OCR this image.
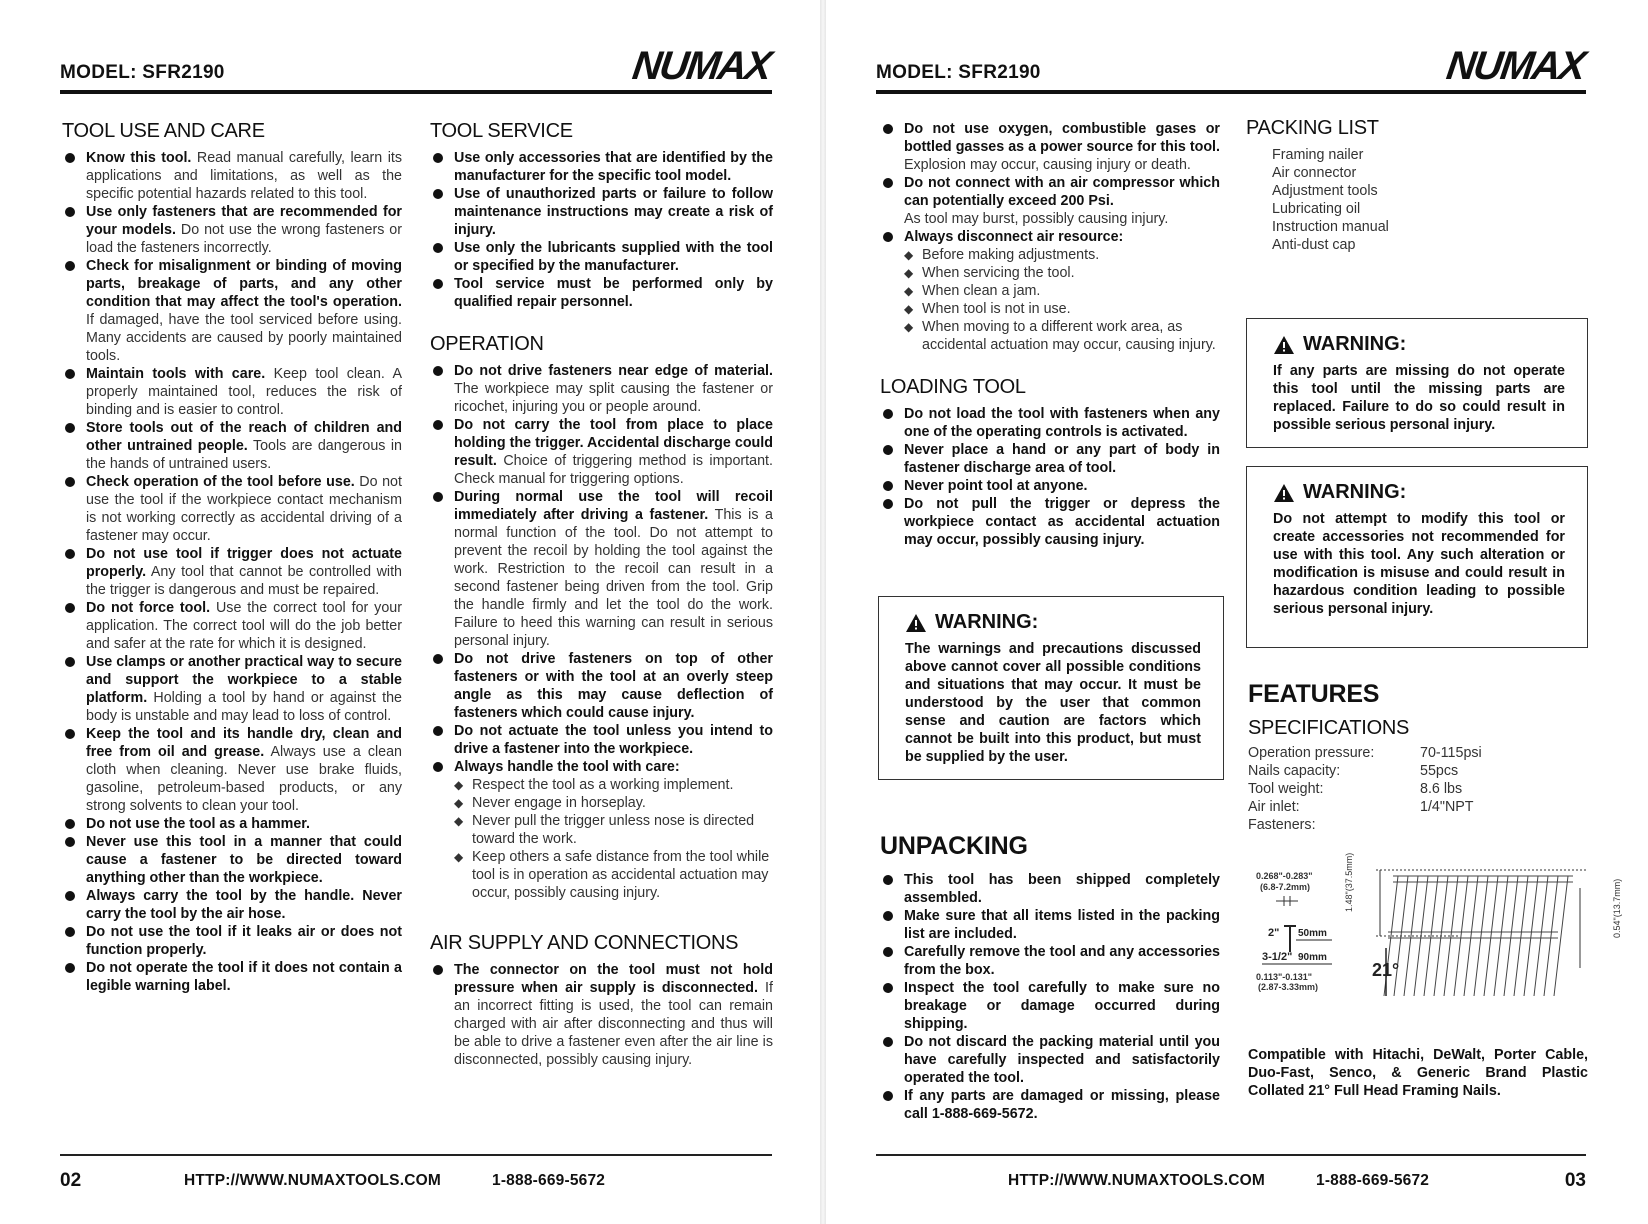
MODEL: SFR2190	NUMAX
TOOL USE AND CARE
Know this tool. Read manual carefully, learn its applications and limitations, as well as the specific potential hazards related to this tool.
Use only fasteners that are recommended for your models. Do not use the wrong fasteners or load the fasteners incorrectly.
Check for misalignment or binding of moving parts, breakage of parts, and any other condition that may affect the tool's operation. If damaged, have the tool serviced before using. Many accidents are caused by poorly maintained tools.
Maintain tools with care. Keep tool clean. A properly maintained tool, reduces the risk of binding and is easier to control.
Store tools out of the reach of children and other untrained people. Tools are dangerous in the hands of untrained users.
Check operation of the tool before use. Do not use the tool if the workpiece contact mechanism is not working correctly as accidental driving of a fastener may occur.
Do not use tool if trigger does not actuate properly. Any tool that cannot be controlled with the trigger is dangerous and must be repaired.
Do not force tool. Use the correct tool for your application. The correct tool will do the job better and safer at the rate for which it is designed.
Use clamps or another practical way to secure and support the workpiece to a stable platform. Holding a tool by hand or against the body is unstable and may lead to loss of control.
Keep the tool and its handle dry, clean and free from oil and grease. Always use a clean cloth when cleaning. Never use brake fluids, gasoline, petroleum-based products, or any strong solvents to clean your tool.
Do not use the tool as a hammer.
Never use this tool in a manner that could cause a fastener to be directed toward anything other than the workpiece.
Always carry the tool by the handle. Never carry the tool by the air hose.
Do not use the tool if it leaks air or does not function properly.
Do not operate the tool if it does not contain a legible warning label.
TOOL SERVICE
Use only accessories that are identified by the manufacturer for the specific tool model.
Use of unauthorized parts or failure to follow maintenance instructions may create a risk of injury.
Use only the lubricants supplied with the tool or specified by the manufacturer.
Tool service must be performed only by qualified repair personnel.
OPERATION
Do not drive fasteners near edge of material. The workpiece may split causing the fastener or ricochet, injuring you or people around.
Do not carry the tool from place to place holding the trigger. Accidental discharge could result. Choice of triggering method is important. Check manual for triggering options.
During normal use the tool will recoil immediately after driving a fastener. This is a normal function of the tool. Do not attempt to prevent the recoil by holding the tool against the work. Restriction to the recoil can result in a second fastener being driven from the tool. Grip the handle firmly and let the tool do the work. Failure to heed this warning can result in serious personal injury.
Do not drive fasteners on top of other fasteners or with the tool at an overly steep angle as this may cause deflection of fasteners which could cause injury.
Do not actuate the tool unless you intend to drive a fastener into the workpiece.
Always handle the tool with care:
◆ Respect the tool as a working implement.
◆ Never engage in horseplay.
◆ Never pull the trigger unless nose is directed toward the work.
◆ Keep others a safe distance from the tool while tool is in operation as accidental actuation may occur, possibly causing injury.
AIR SUPPLY AND CONNECTIONS
The connector on the tool must not hold pressure when air supply is disconnected. If an incorrect fitting is used, the tool can remain charged with air after disconnecting and thus will be able to drive a fastener even after the air line is disconnected, possibly causing injury.
02	HTTP://WWW.NUMAXTOOLS.COM	1-888-669-5672
MODEL: SFR2190	NUMAX
Do not use oxygen, combustible gases or bottled gasses as a power source for this tool. Explosion may occur, causing injury or death.
Do not connect with an air compressor which can potentially exceed 200 Psi.
As tool may burst, possibly causing injury.
Always disconnect air resource:
◆ Before making adjustments.
◆ When servicing the tool.
◆ When clean a jam.
◆ When tool is not in use.
◆ When moving to a different work area, as accidental actuation may occur, causing injury.
LOADING TOOL
Do not load the tool with fasteners when any one of the operating controls is activated.
Never place a hand or any part of body in fastener discharge area of tool.
Never point tool at anyone.
Do not pull the trigger or depress the workpiece contact as accidental actuation may occur, possibly causing injury.
WARNING:
The warnings and precautions discussed above cannot cover all possible conditions and situations that may occur. It must be understood by the user that common sense and caution are factors which cannot be built into this product, but must be supplied by the user.
UNPACKING
This tool has been shipped completely assembled.
Make sure that all items listed in the packing list are included.
Carefully remove the tool and any accessories from the box.
Inspect the tool carefully to make sure no breakage or damage occurred during shipping.
Do not discard the packing material until you have carefully inspected and satisfactorily operated the tool.
If any parts are damaged or missing, please call 1-888-669-5672.
PACKING LIST
Framing nailer
Air connector
Adjustment tools
Lubricating oil
Instruction manual
Anti-dust cap
WARNING:
If any parts are missing do not operate this tool until the missing parts are replaced. Failure to do so could result in possible serious personal injury.
WARNING:
Do not attempt to modify this tool or create accessories not recommended for use with this tool. Any such alteration or modification is misuse and could result in hazardous condition leading to possible serious personal injury.
FEATURES
SPECIFICATIONS
Operation pressure:	70-115psi
Nails capacity:	55pcs
Tool weight:	8.6 lbs
Air inlet:	1/4"NPT
Fasteners:
0.268"-0.283"
(6.8-7.2mm)
2" 50mm
3-1/2" 90mm
0.113"-0.131"
(2.87-3.33mm)
1.48"(37.5mm)
21°
0.54"(13.7mm)
Compatible with Hitachi, DeWalt, Porter Cable, Duo-Fast, Senco, & Generic Brand Plastic Collated 21° Full Head Framing Nails.
HTTP://WWW.NUMAXTOOLS.COM	1-888-669-5672	03
